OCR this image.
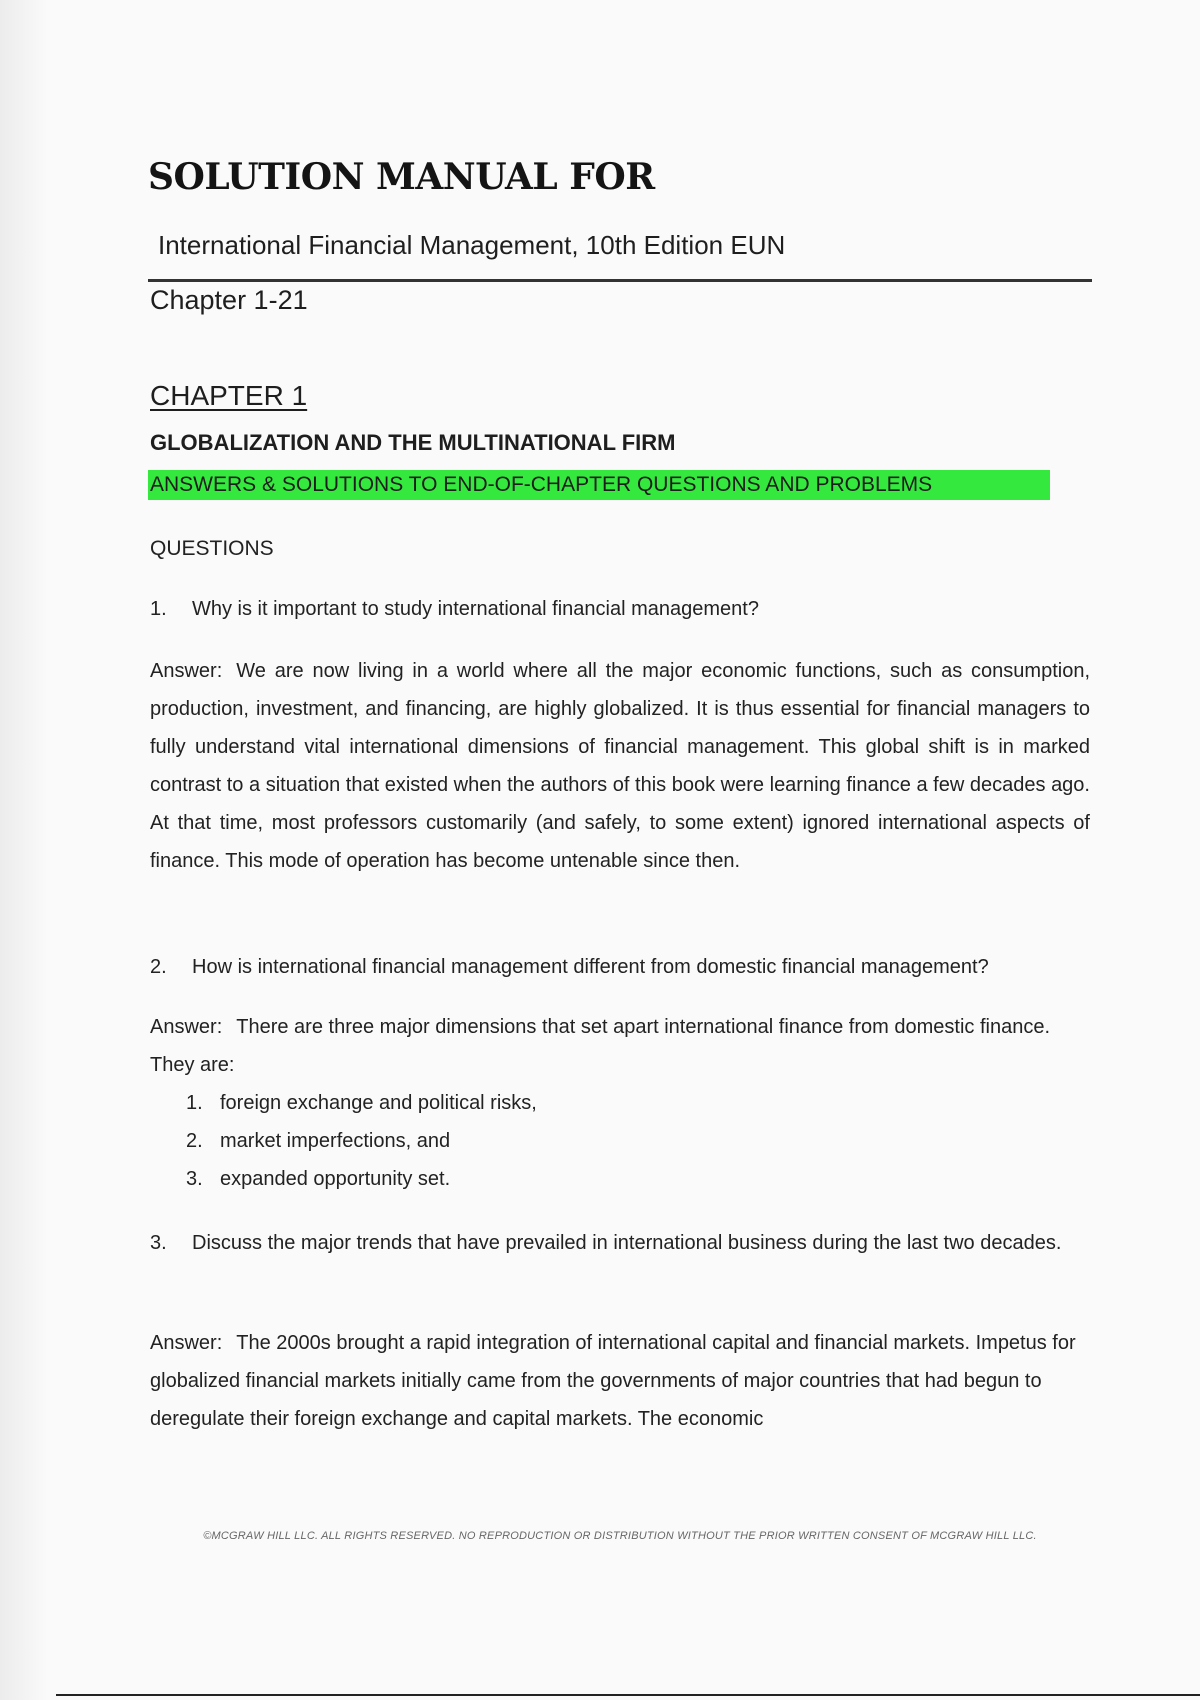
SOLUTION MANUAL FOR
International Financial Management, 10th Edition EUN
Chapter 1-21
CHAPTER 1
GLOBALIZATION AND THE MULTINATIONAL FIRM
ANSWERS & SOLUTIONS TO END-OF-CHAPTER QUESTIONS AND PROBLEMS
QUESTIONS
1. Why is it important to study international financial management?
Answer: We are now living in a world where all the major economic functions, such as consumption, production, investment, and financing, are highly globalized. It is thus essential for financial managers to fully understand vital international dimensions of financial management. This global shift is in marked contrast to a situation that existed when the authors of this book were learning finance a few decades ago. At that time, most professors customarily (and safely, to some extent) ignored international aspects of finance. This mode of operation has become untenable since then.
2. How is international financial management different from domestic financial management?
Answer: There are three major dimensions that set apart international finance from domestic finance. They are:
1. foreign exchange and political risks,
2. market imperfections, and
3. expanded opportunity set.
3. Discuss the major trends that have prevailed in international business during the last two decades.
Answer: The 2000s brought a rapid integration of international capital and financial markets. Impetus for globalized financial markets initially came from the governments of major countries that had begun to deregulate their foreign exchange and capital markets. The economic
©MCGRAW HILL LLC. ALL RIGHTS RESERVED. NO REPRODUCTION OR DISTRIBUTION WITHOUT THE PRIOR WRITTEN CONSENT OF MCGRAW HILL LLC.
